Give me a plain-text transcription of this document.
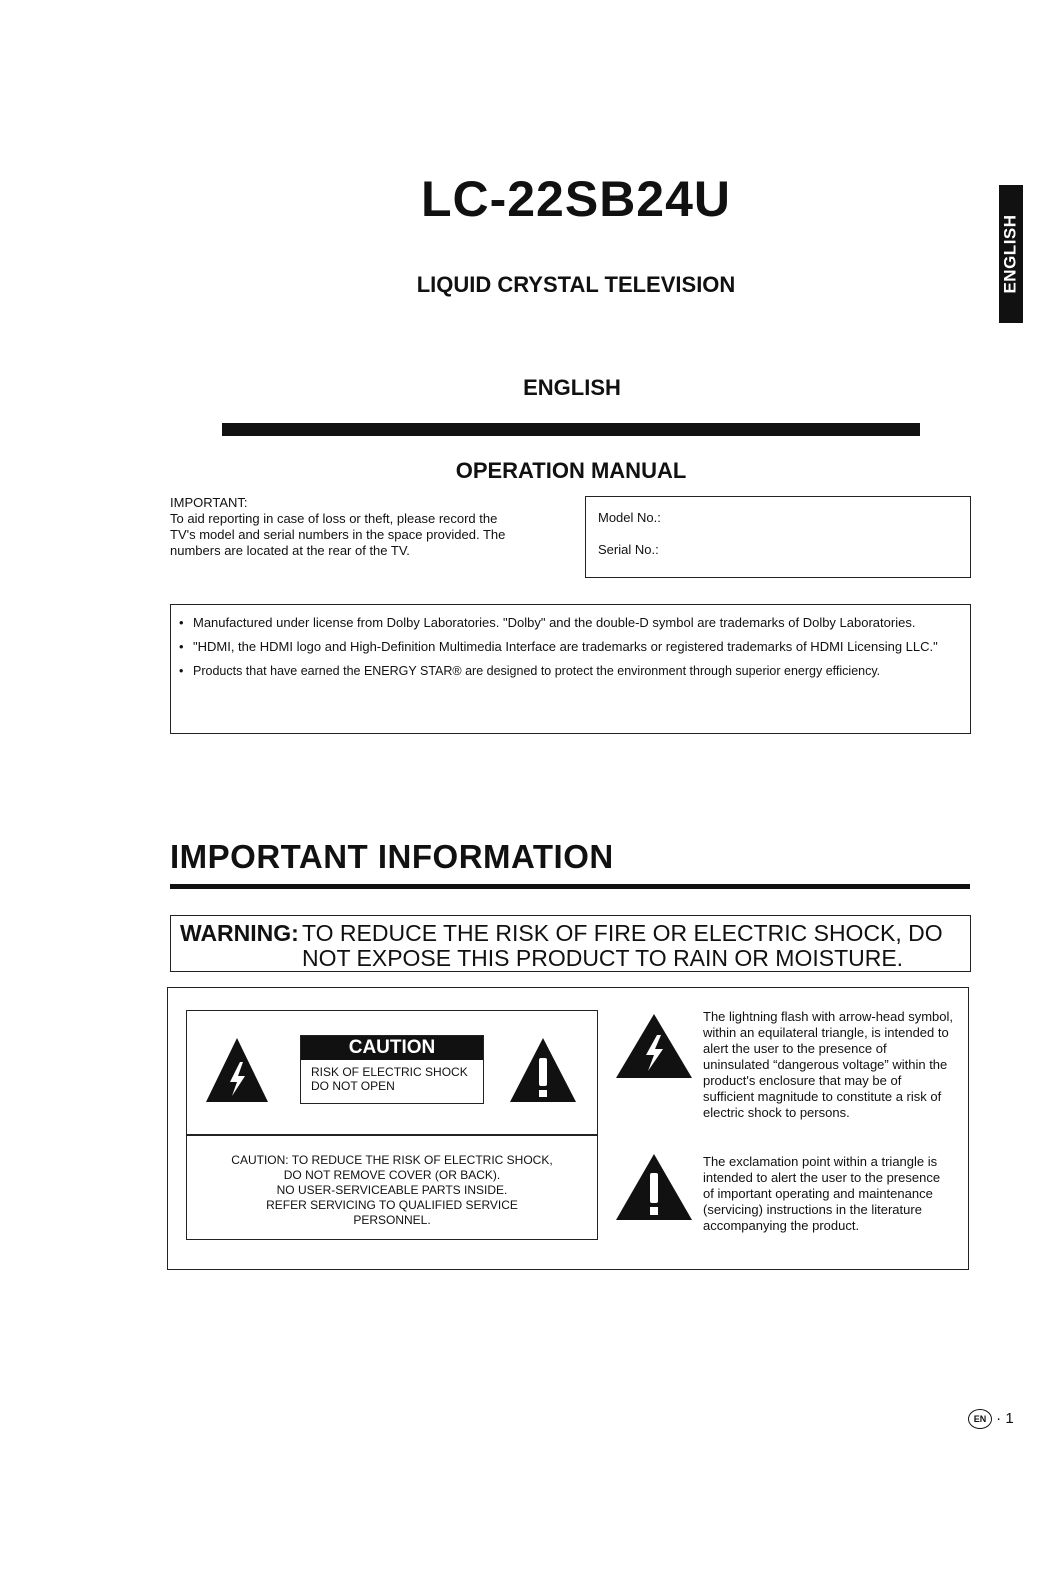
LC-22SB24U
LIQUID CRYSTAL TELEVISION
ENGLISH
ENGLISH
OPERATION MANUAL
IMPORTANT:
To aid reporting in case of loss or theft, please record the
TV's model and serial numbers in the space provided. The
numbers are located at the rear of the TV.
Model No.:
Serial No.:
• Manufactured under license from Dolby Laboratories. "Dolby" and the double-D symbol are trademarks of Dolby Laboratories.
• "HDMI, the HDMI logo and High-Definition Multimedia Interface are trademarks or registered trademarks of HDMI Licensing LLC."
• Products that have earned the ENERGY STAR® are designed to protect the environment through superior energy efficiency.
IMPORTANT INFORMATION
WARNING: TO REDUCE THE RISK OF FIRE OR ELECTRIC SHOCK, DO
NOT EXPOSE THIS PRODUCT TO RAIN OR MOISTURE.
CAUTION
RISK OF ELECTRIC SHOCK
DO NOT OPEN
CAUTION: TO REDUCE THE RISK OF ELECTRIC SHOCK,
DO NOT REMOVE COVER (OR BACK).
NO USER-SERVICEABLE PARTS INSIDE.
REFER SERVICING TO QUALIFIED SERVICE
PERSONNEL.
The lightning flash with arrow-head symbol, within an equilateral triangle, is intended to alert the user to the presence of uninsulated “dangerous voltage” within the product's enclosure that may be of sufficient magnitude to constitute a risk of electric shock to persons.
The exclamation point within a triangle is intended to alert the user to the presence of important operating and maintenance (servicing) instructions in the literature accompanying the product.
EN · 1
